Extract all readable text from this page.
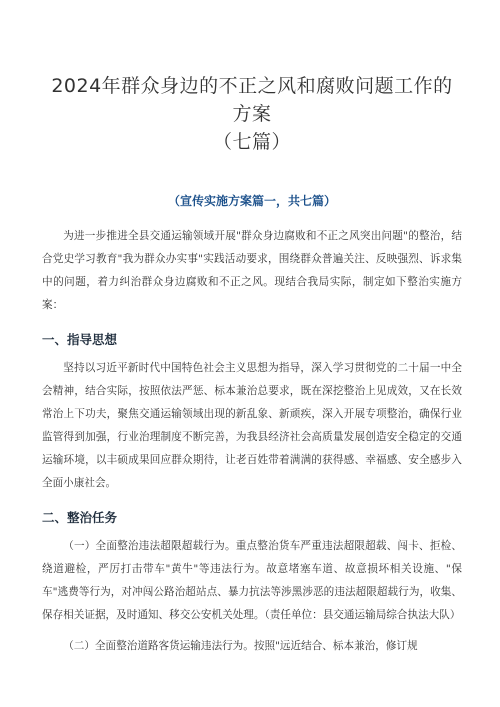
2024年群众身边的不正之风和腐败问题工作的方案
（七篇）
（宣传实施方案篇一，共七篇）

为进一步推进全县交通运输领域开展"群众身边腐败和不正之风突出问题"的整治，结合党史学习教育"我为群众办实事"实践活动要求，围绕群众普遍关注、反映强烈、诉求集中的问题，着力纠治群众身边腐败和不正之风。现结合我局实际，制定如下整治实施方案：

一、指导思想

坚持以习近平新时代中国特色社会主义思想为指导，深入学习贯彻党的二十届一中全会精神，结合实际，按照依法严惩、标本兼治总要求，既在深挖整治上见成效，又在长效常治上下功夫，聚焦交通运输领域出现的新乱象、新顽疾，深入开展专项整治，确保行业监管得到加强，行业治理制度不断完善，为我县经济社会高质量发展创造安全稳定的交通运输环境，以丰硕成果回应群众期待，让老百姓带着满满的获得感、幸福感、安全感步入全面小康社会。

二、整治任务

（一）全面整治违法超限超载行为。重点整治货车严重违法超限超载、闯卡、拒检、绕道避检，严厉打击带车"黄牛"等违法行为。故意堵塞车道、故意损坏相关设施、"保车"逃费等行为，对冲闯公路治超站点、暴力抗法等涉黑涉恶的违法超限超载行为，收集、保存相关证据，及时通知、移交公安机关处理。（责任单位：县交通运输局综合执法大队）

（二）全面整治道路客货运输违法行为。按照"远近结合、标本兼治，修订规
